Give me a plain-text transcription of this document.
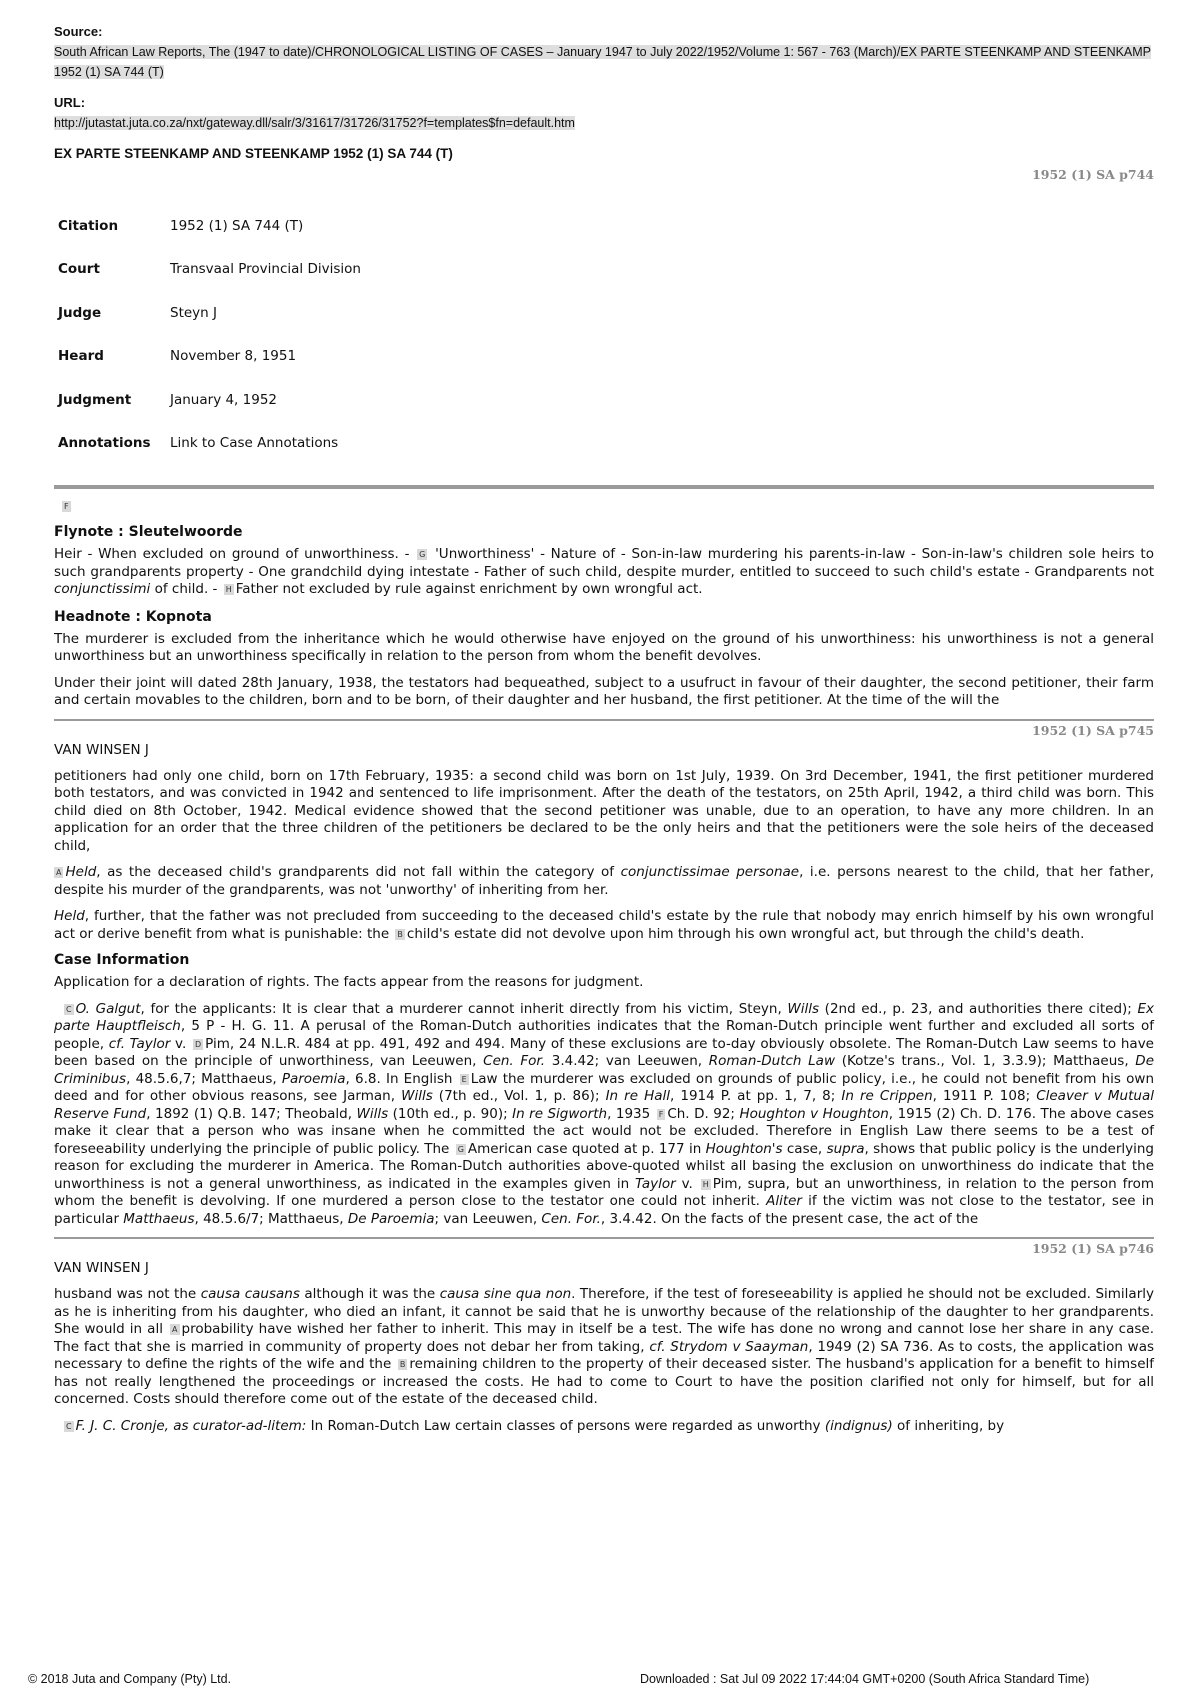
Source:
South African Law Reports, The (1947 to date)/CHRONOLOGICAL LISTING OF CASES – January 1947 to July 2022/1952/Volume 1: 567 - 763 (March)/EX PARTE STEENKAMP AND STEENKAMP 1952 (1) SA 744 (T)
URL:
http://jutastat.juta.co.za/nxt/gateway.dll/salr/3/31617/31726/31752?f=templates$fn=default.htm
EX PARTE STEENKAMP AND STEENKAMP 1952 (1) SA 744 (T)
1952 (1) SA p744
Citation	1952 (1) SA 744 (T)
Court	Transvaal Provincial Division
Judge	Steyn J
Heard	November 8, 1951
Judgment	January 4, 1952
Annotations	Link to Case Annotations
F
Flynote : Sleutelwoorde

Heir - When excluded on ground of unworthiness. - G 'Unworthiness' - Nature of - Son-in-law murdering his parents-in-law - Son-in-law's children sole heirs to such grandparents property - One grandchild dying intestate - Father of such child, despite murder, entitled to succeed to such child's estate - Grandparents not conjunctissimi of child. - H Father not excluded by rule against enrichment by own wrongful act.

Headnote : Kopnota

The murderer is excluded from the inheritance which he would otherwise have enjoyed on the ground of his unworthiness: his unworthiness is not a general unworthiness but an unworthiness specifically in relation to the person from whom the benefit devolves.

Under their joint will dated 28th January, 1938, the testators had bequeathed, subject to a usufruct in favour of their daughter, the second petitioner, their farm and certain movables to the children, born and to be born, of their daughter and her husband, the first petitioner. At the time of the will the

1952 (1) SA p745
VAN WINSEN J

petitioners had only one child, born on 17th February, 1935: a second child was born on 1st July, 1939. On 3rd December, 1941, the first petitioner murdered both testators, and was convicted in 1942 and sentenced to life imprisonment. After the death of the testators, on 25th April, 1942, a third child was born. This child died on 8th October, 1942. Medical evidence showed that the second petitioner was unable, due to an operation, to have any more children. In an application for an order that the three children of the petitioners be declared to be the only heirs and that the petitioners were the sole heirs of the deceased child,

A Held, as the deceased child's grandparents did not fall within the category of conjunctissimae personae, i.e. persons nearest to the child, that her father, despite his murder of the grandparents, was not 'unworthy' of inheriting from her.

Held, further, that the father was not precluded from succeeding to the deceased child's estate by the rule that nobody may enrich himself by his own wrongful act or derive benefit from what is punishable: the B child's estate did not devolve upon him through his own wrongful act, but through the child's death.

Case Information

Application for a declaration of rights. The facts appear from the reasons for judgment.

C O. Galgut, for the applicants: It is clear that a murderer cannot inherit directly from his victim, Steyn, Wills (2nd ed., p. 23, and authorities there cited); Ex parte Hauptfleisch, 5 P - H. G. 11. A perusal of the Roman-Dutch authorities indicates that the Roman-Dutch principle went further and excluded all sorts of people, cf. Taylor v. D Pim, 24 N.L.R. 484 at pp. 491, 492 and 494. Many of these exclusions are to-day obviously obsolete. The Roman-Dutch Law seems to have been based on the principle of unworthiness, van Leeuwen, Cen. For. 3.4.42; van Leeuwen, Roman-Dutch Law (Kotze's trans., Vol. 1, 3.3.9); Matthaeus, De Criminibus, 48.5.6,7; Matthaeus, Paroemia, 6.8. In English E Law the murderer was excluded on grounds of public policy, i.e., he could not benefit from his own deed and for other obvious reasons, see Jarman, Wills (7th ed., Vol. 1, p. 86); In re Hall, 1914 P. at pp. 1, 7, 8; In re Crippen, 1911 P. 108; Cleaver v Mutual Reserve Fund, 1892 (1) Q.B. 147; Theobald, Wills (10th ed., p. 90); In re Sigworth, 1935 F Ch. D. 92; Houghton v Houghton, 1915 (2) Ch. D. 176. The above cases make it clear that a person who was insane when he committed the act would not be excluded. Therefore in English Law there seems to be a test of foreseeability underlying the principle of public policy. The G American case quoted at p. 177 in Houghton's case, supra, shows that public policy is the underlying reason for excluding the murderer in America. The Roman-Dutch authorities above-quoted whilst all basing the exclusion on unworthiness do indicate that the unworthiness is not a general unworthiness, as indicated in the examples given in Taylor v. H Pim, supra, but an unworthiness, in relation to the person from whom the benefit is devolving. If one murdered a person close to the testator one could not inherit. Aliter if the victim was not close to the testator, see in particular Matthaeus, 48.5.6/7; Matthaeus, De Paroemia; van Leeuwen, Cen. For., 3.4.42. On the facts of the present case, the act of the

1952 (1) SA p746
VAN WINSEN J

husband was not the causa causans although it was the causa sine qua non. Therefore, if the test of foreseeability is applied he should not be excluded. Similarly as he is inheriting from his daughter, who died an infant, it cannot be said that he is unworthy because of the relationship of the daughter to her grandparents. She would in all A probability have wished her father to inherit. This may in itself be a test. The wife has done no wrong and cannot lose her share in any case. The fact that she is married in community of property does not debar her from taking, cf. Strydom v Saayman, 1949 (2) SA 736. As to costs, the application was necessary to define the rights of the wife and the B remaining children to the property of their deceased sister. The husband's application for a benefit to himself has not really lengthened the proceedings or increased the costs. He had to come to Court to have the position clarified not only for himself, but for all concerned. Costs should therefore come out of the estate of the deceased child.

C F. J. C. Cronje, as curator-ad-litem: In Roman-Dutch Law certain classes of persons were regarded as unworthy (indignus) of inheriting, by

© 2018 Juta and Company (Pty) Ltd.	Downloaded : Sat Jul 09 2022 17:44:04 GMT+0200 (South Africa Standard Time)
